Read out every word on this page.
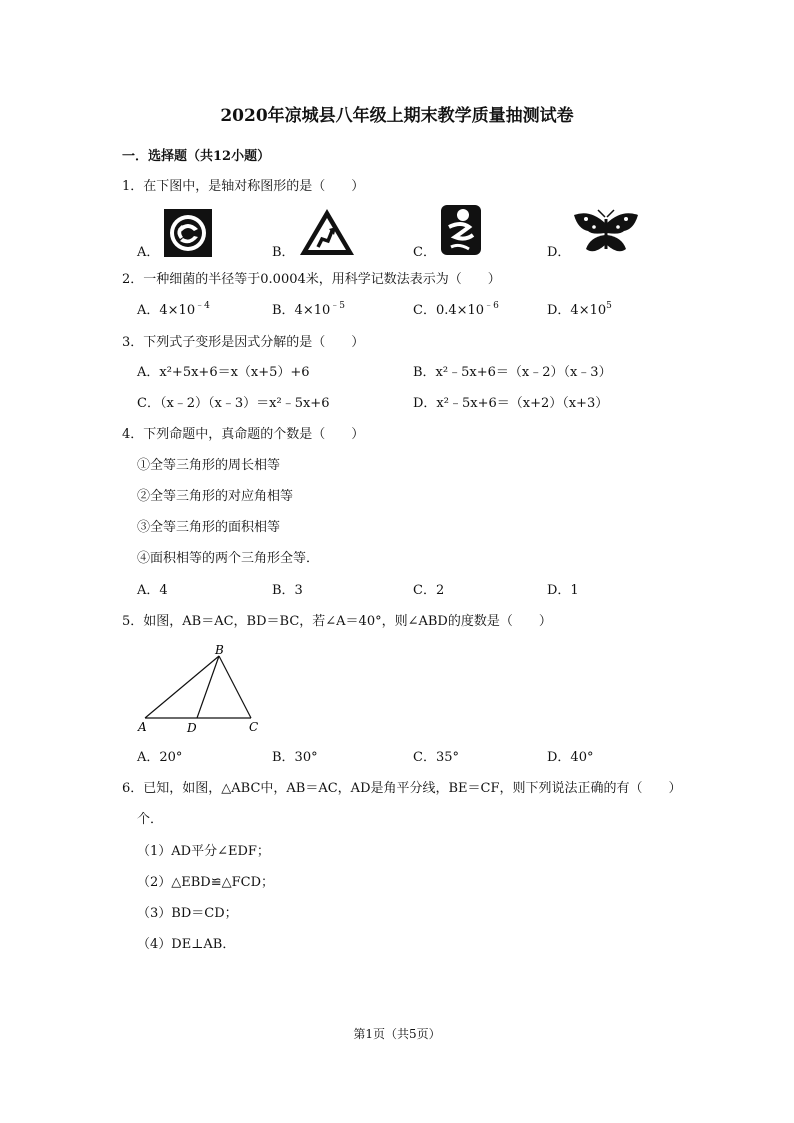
2020年凉城县八年级上期末教学质量抽测试卷
一．选择题（共12小题）
1．在下图中，是轴对称图形的是（　　）
A．	B．	C．	D．
2．一种细菌的半径等于0.0004米，用科学记数法表示为（　　）
A．$4\times 10^{﹣4}$	B．$4\times 10^{﹣5}$	C．$0.4\times 10^{﹣6}$	D．$4\times 10^5$
3．下列式子变形是因式分解的是（　　）
A．x²+5x+6＝x（x+5）+6	B．x²﹣5x+6＝（x﹣2）（x﹣3）
C．（x﹣2）（x﹣3）＝x²﹣5x+6	D．x²﹣5x+6＝（x+2）（x+3）
4．下列命题中，真命题的个数是（　　）
①全等三角形的周长相等
②全等三角形的对应角相等
③全等三角形的面积相等
④面积相等的两个三角形全等．
A．4	B．3	C．2	D．1
5．如图，AB＝AC，BD＝BC，若∠A＝40°，则∠ABD的度数是（　　）
B
A	D	C
A．20°	B．30°	C．35°	D．40°
6．已知，如图，△ABC中，AB＝AC，AD是角平分线，BE＝CF，则下列说法正确的有（　　）
个．
（1）AD平分∠EDF；
（2）△EBD≌△FCD；
（3）BD＝CD；
（4）DE⊥AB．
第1页（共5页）
